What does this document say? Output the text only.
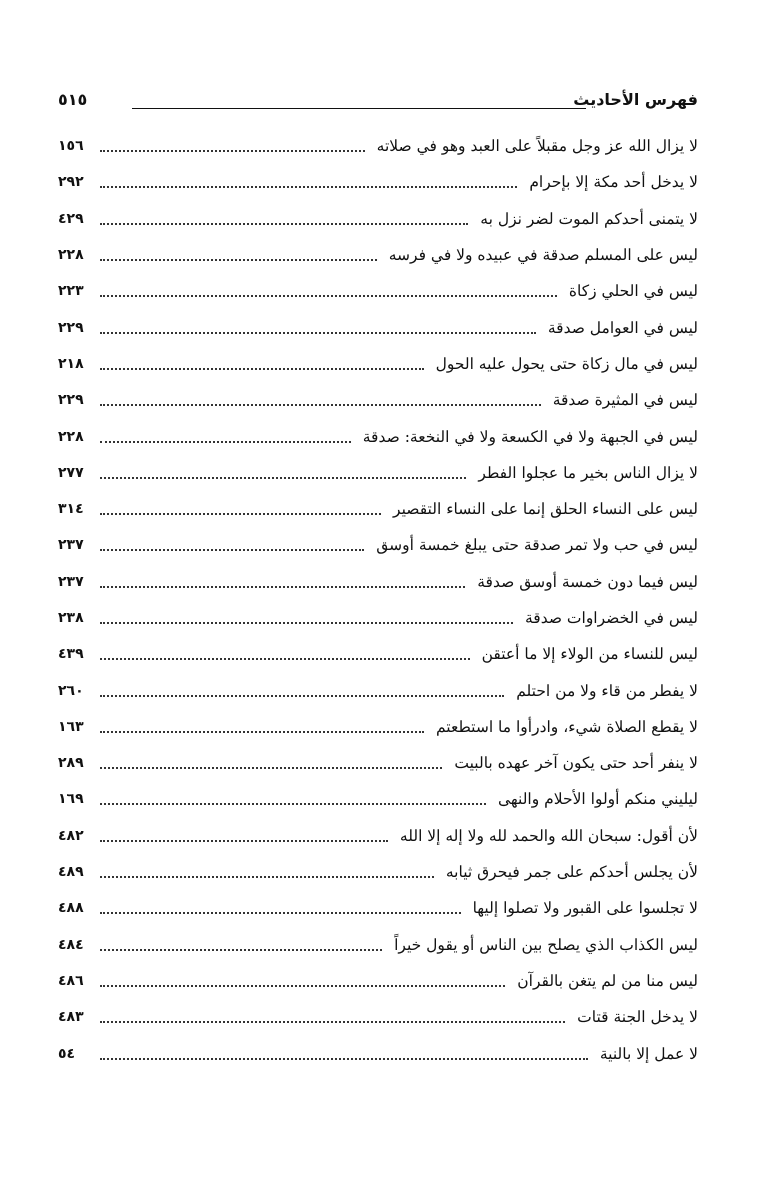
فهرس الأحاديث
٥١٥
لا يزال الله عز وجل مقبلاً على العبد وهو في صلاته
١٥٦
لا يدخل أحد مكة إلا بإحرام
٢٩٢
لا يتمنى أحدكم الموت لضر نزل به
٤٢٩
ليس على المسلم صدقة في عبيده ولا في فرسه
٢٢٨
ليس في الحلي زكاة
٢٢٣
ليس في العوامل صدقة
٢٢٩
ليس في مال زكاة حتى يحول عليه الحول
٢١٨
ليس في المثيرة صدقة
٢٢٩
ليس في الجبهة ولا في الكسعة ولا في النخعة: صدقة
٢٢٨
لا يزال الناس بخير ما عجلوا الفطر
٢٧٧
ليس على النساء الحلق إنما على النساء التقصير
٣١٤
ليس في حب ولا تمر صدقة حتى يبلغ خمسة أوسق
٢٣٧
ليس فيما دون خمسة أوسق صدقة
٢٣٧
ليس في الخضراوات صدقة
٢٣٨
ليس للنساء من الولاء إلا ما أعتقن
٤٣٩
لا يفطر من قاء ولا من احتلم
٢٦٠
لا يقطع الصلاة شيء، وادرأوا ما استطعتم
١٦٣
لا ينفر أحد حتى يكون آخر عهده بالبيت
٢٨٩
ليليني منكم أولوا الأحلام والنهى
١٦٩
لأن أقول: سبحان الله والحمد لله ولا إله إلا الله
٤٨٢
لأن يجلس أحدكم على جمر فيحرق ثيابه
٤٨٩
لا تجلسوا على القبور ولا تصلوا إليها
٤٨٨
ليس الكذاب الذي يصلح بين الناس أو يقول خيراً
٤٨٤
ليس منا من لم يتغن بالقرآن
٤٨٦
لا يدخل الجنة قتات
٤٨٣
لا عمل إلا بالنية
٥٤
